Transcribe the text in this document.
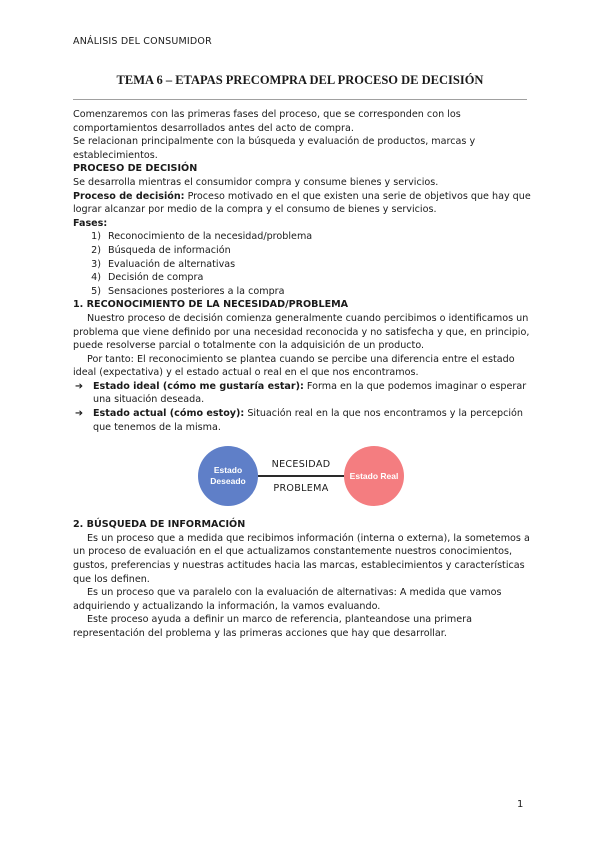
ANÁLISIS DEL CONSUMIDOR
TEMA 6 – ETAPAS PRECOMPRA DEL PROCESO DE DECISIÓN

Comenzaremos con las primeras fases del proceso, que se corresponden con los comportamientos desarrollados antes del acto de compra.

Se relacionan principalmente con la búsqueda y evaluación de productos, marcas y establecimientos.

PROCESO DE DECISIÓN

Se desarrolla mientras el consumidor compra y consume bienes y servicios.

Proceso de decisión: Proceso motivado en el que existen una serie de objetivos que hay que lograr alcanzar por medio de la compra y el consumo de bienes y servicios.

Fases:

1) Reconocimiento de la necesidad/problema
2) Búsqueda de información
3) Evaluación de alternativas
4) Decisión de compra
5) Sensaciones posteriores a la compra

1. RECONOCIMIENTO DE LA NECESIDAD/PROBLEMA

Nuestro proceso de decisión comienza generalmente cuando percibimos o identificamos un problema que viene definido por una necesidad reconocida y no satisfecha y que, en principio, puede resolverse parcial o totalmente con la adquisición de un producto.

Por tanto: El reconocimiento se plantea cuando se percibe una diferencia entre el estado ideal (expectativa) y el estado actual o real en el que nos encontramos.

➔ Estado ideal (cómo me gustaría estar): Forma en la que podemos imaginar o esperar una situación deseada.

➔ Estado actual (cómo estoy): Situación real en la que nos encontramos y la percepción que tenemos de la misma.

Estado Deseado
NECESIDAD
PROBLEMA
Estado Real

2. BÚSQUEDA DE INFORMACIÓN

Es un proceso que a medida que recibimos información (interna o externa), la sometemos a un proceso de evaluación en el que actualizamos constantemente nuestros conocimientos, gustos, preferencias y nuestras actitudes hacia las marcas, establecimientos y características que los definen.

Es un proceso que va paralelo con la evaluación de alternativas: A medida que vamos adquiriendo y actualizando la información, la vamos evaluando.

Este proceso ayuda a definir un marco de referencia, planteandose una primera representación del problema y las primeras acciones que hay que desarrollar.

1
